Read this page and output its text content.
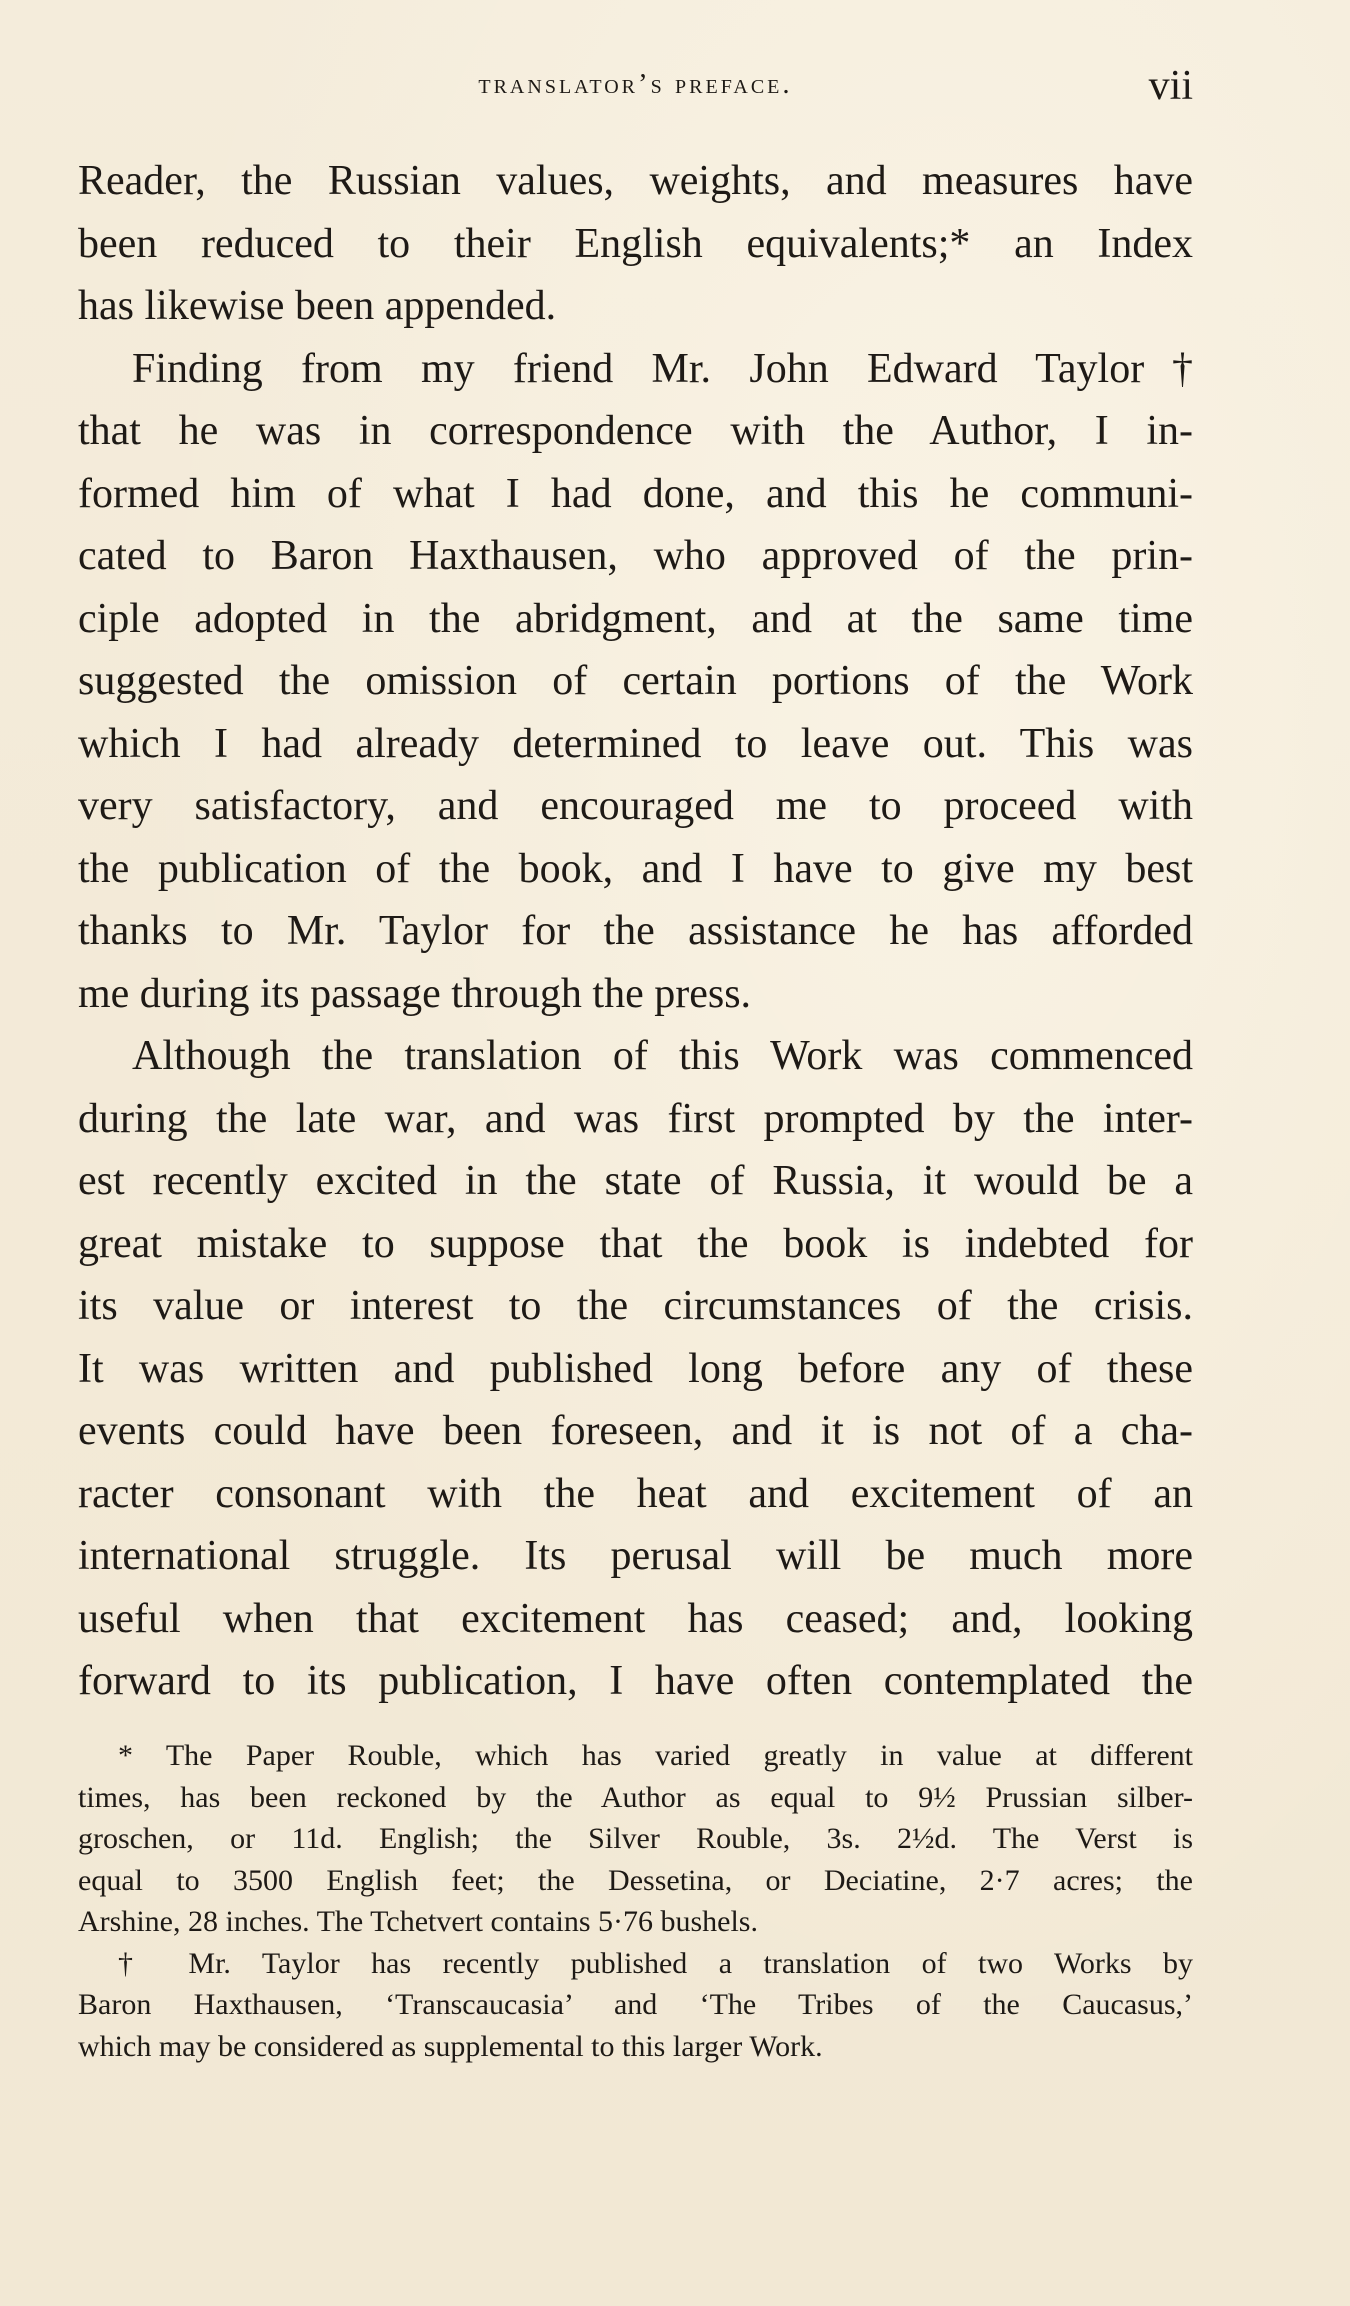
translator’s preface.	vii
Reader, the Russian values, weights, and measures have
been reduced to their English equivalents;* an Index
has likewise been appended.
Finding from my friend Mr. John Edward Taylor†
that he was in correspondence with the Author, I in-
formed him of what I had done, and this he communi-
cated to Baron Haxthausen, who approved of the prin-
ciple adopted in the abridgment, and at the same time
suggested the omission of certain portions of the Work
which I had already determined to leave out. This was
very satisfactory, and encouraged me to proceed with
the publication of the book, and I have to give my best
thanks to Mr. Taylor for the assistance he has afforded
me during its passage through the press.
Although the translation of this Work was commenced
during the late war, and was first prompted by the inter-
est recently excited in the state of Russia, it would be a
great mistake to suppose that the book is indebted for
its value or interest to the circumstances of the crisis.
It was written and published long before any of these
events could have been foreseen, and it is not of a cha-
racter consonant with the heat and excitement of an
international struggle. Its perusal will be much more
useful when that excitement has ceased; and, looking
forward to its publication, I have often contemplated the
* The Paper Rouble, which has varied greatly in value at different
times, has been reckoned by the Author as equal to 9½ Prussian silber-
groschen, or 11d. English; the Silver Rouble, 3s. 2½d. The Verst is
equal to 3500 English feet; the Dessetina, or Deciatine, 2·7 acres; the
Arshine, 28 inches. The Tchetvert contains 5·76 bushels.
† Mr. Taylor has recently published a translation of two Works by
Baron Haxthausen, ‘Transcaucasia’ and ‘The Tribes of the Caucasus,’
which may be considered as supplemental to this larger Work.
